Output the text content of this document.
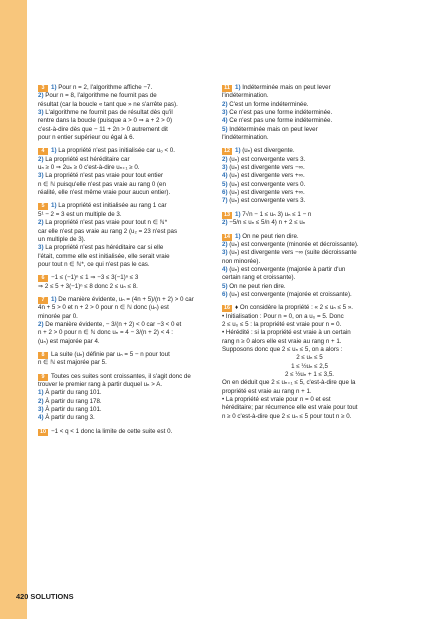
3 1) Pour n = 2, l'algorithme affiche −7.
2) Pour n = 8, l'algorithme ne fournit pas de
résultat (car la boucle « tant que » ne s'arrête pas).
3) L'algorithme ne fournit pas de résultat dès qu'il
rentre dans la boucle (puisque a > 0 ⇒ a + 2 > 0)
c'est-à-dire dès que − 11 + 2n > 0 autrement dit
pour n entier supérieur ou égal à 6.
4 1) La propriété n'est pas initialisée car u₀ < 0.
2) La propriété est héréditaire car
uₙ ≥ 0 ⇒ 2uₙ ≥ 0 c'est-à-dire uₙ₊₁ ≥ 0.
3) La propriété n'est pas vraie pour tout entier
n ∈ ℕ puisqu'elle n'est pas vraie au rang 0 (en
réalité, elle n'est même vraie pour aucun entier).
5 1) La propriété est initialisée au rang 1 car
5¹ − 2 = 3 est un multiple de 3.
2) La propriété n'est pas vraie pour tout n ∈ ℕ*
car elle n'est pas vraie au rang 2 (u₂ = 23 n'est pas
un multiple de 3).
3) La propriété n'est pas héréditaire car si elle
l'était, comme elle est initialisée, elle serait vraie
pour tout n ∈ ℕ*, ce qui n'est pas le cas.
6 −1 ≤ (−1)ⁿ ≤ 1 ⇒ −3 ≤ 3(−1)ⁿ ≤ 3
⇒ 2 ≤ 5 + 3(−1)ⁿ ≤ 8 donc 2 ≤ uₙ ≤ 8.
7 1) De manière évidente, uₙ = (4n + 5)/(n + 2) > 0 car
4n + 5 > 0 et n + 2 > 0 pour n ∈ ℕ donc (uₙ) est
minorée par 0.
2) De manière évidente, − 3/(n + 2) < 0 car −3 < 0 et
n + 2 > 0 pour n ∈ ℕ donc uₙ = 4 − 3/(n + 2) < 4 :
(uₙ) est majorée par 4.
8 La suite (uₙ) définie par uₙ = 5 − n pour tout
n ∈ ℕ est majorée par 5.
9 Toutes ces suites sont croissantes, il s'agit donc de
trouver le premier rang à partir duquel uₙ > A.
1) À partir du rang 101.
2) À partir du rang 178.
3) À partir du rang 101.
4) À partir du rang 3.
10 −1 < q < 1 donc la limite de cette suite est 0.
11 1) Indéterminée mais on peut lever
l'indétermination.
2) C'est un forme indéterminée.
3) Ce n'est pas une forme indéterminée.
4) Ce n'est pas une forme indéterminée.
5) Indéterminée mais on peut lever
l'indétermination.
12 1) (uₙ) est divergente.
2) (uₙ) est convergente vers 3.
3) (uₙ) est divergente vers −∞.
4) (uₙ) est divergente vers +∞.
5) (uₙ) est convergente vers 0.
6) (uₙ) est divergente vers +∞.
7) (uₙ) est convergente vers 3.
13 1) 7√n − 1 ≤ uₙ 3) uₙ ≤ 1 − n
2) −5/n ≤ uₙ ≤ 5/n 4) n + 2 ≤ uₙ
14 1) On ne peut rien dire.
2) (uₙ) est convergente (minorée et décroissante).
3) (uₙ) est divergente vers −∞ (suite décroissante
non minorée).
4) (uₙ) est convergente (majorée à partir d'un
certain rang et croissante).
5) On ne peut rien dire.
6) (uₙ) est convergente (majorée et croissante).
16 ♦ On considère la propriété : « 2 ≤ uₙ ≤ 5 ».
• Initialisation : Pour n = 0, on a u₀ = 5. Donc
2 ≤ u₀ ≤ 5 : la propriété est vraie pour n = 0.
• Hérédité : si la propriété est vraie à un certain
rang n ≥ 0 alors elle est vraie au rang n + 1.
Supposons donc que 2 ≤ uₙ ≤ 5, on a alors :
2 ≤ uₙ ≤ 5
1 ≤ ½uₙ ≤ 2,5
2 ≤ ½uₙ + 1 ≤ 3,5.
On en déduit que 2 ≤ uₙ₊₁ ≤ 5, c'est-à-dire que la
propriété est vraie au rang n + 1.
• La propriété est vraie pour n = 0 et est
héréditaire; par récurrence elle est vraie pour tout
n ≥ 0 c'est-à-dire que 2 ≤ uₙ ≤ 5 pour tout n ≥ 0.
420 SOLUTIONS
